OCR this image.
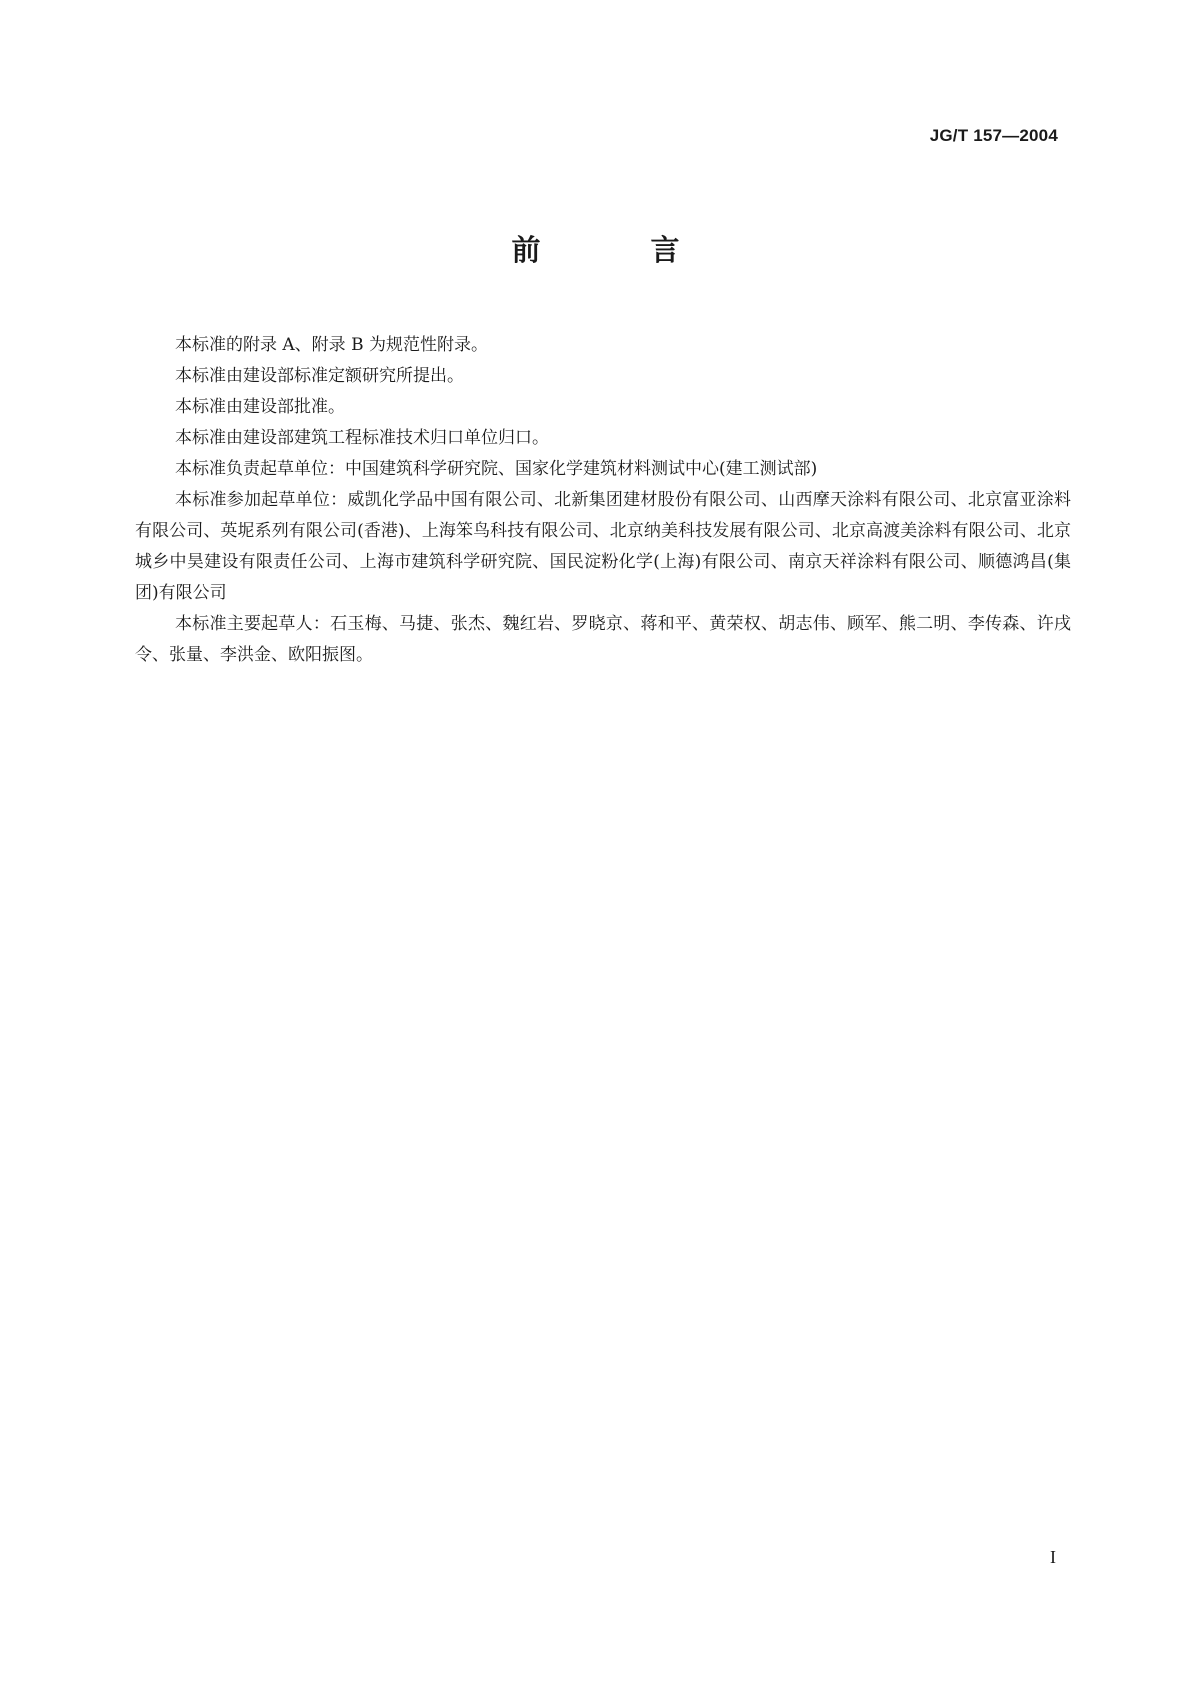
JG/T 157—2004
前 言

本标准的附录 A、附录 B 为规范性附录。

本标准由建设部标准定额研究所提出。

本标准由建设部批准。

本标准由建设部建筑工程标准技术归口单位归口。

本标准负责起草单位：中国建筑科学研究院、国家化学建筑材料测试中心(建工测试部)

本标准参加起草单位：威凯化学品中国有限公司、北新集团建材股份有限公司、山西摩天涂料有限公司、北京富亚涂料有限公司、英坭系列有限公司(香港)、上海笨鸟科技有限公司、北京纳美科技发展有限公司、北京高渡美涂料有限公司、北京城乡中昊建设有限责任公司、上海市建筑科学研究院、国民淀粉化学(上海)有限公司、南京天祥涂料有限公司、顺德鸿昌(集团)有限公司

本标准主要起草人：石玉梅、马捷、张杰、魏红岩、罗晓京、蒋和平、黄荣权、胡志伟、顾军、熊二明、李传森、许戌令、张量、李洪金、欧阳振图。

I
